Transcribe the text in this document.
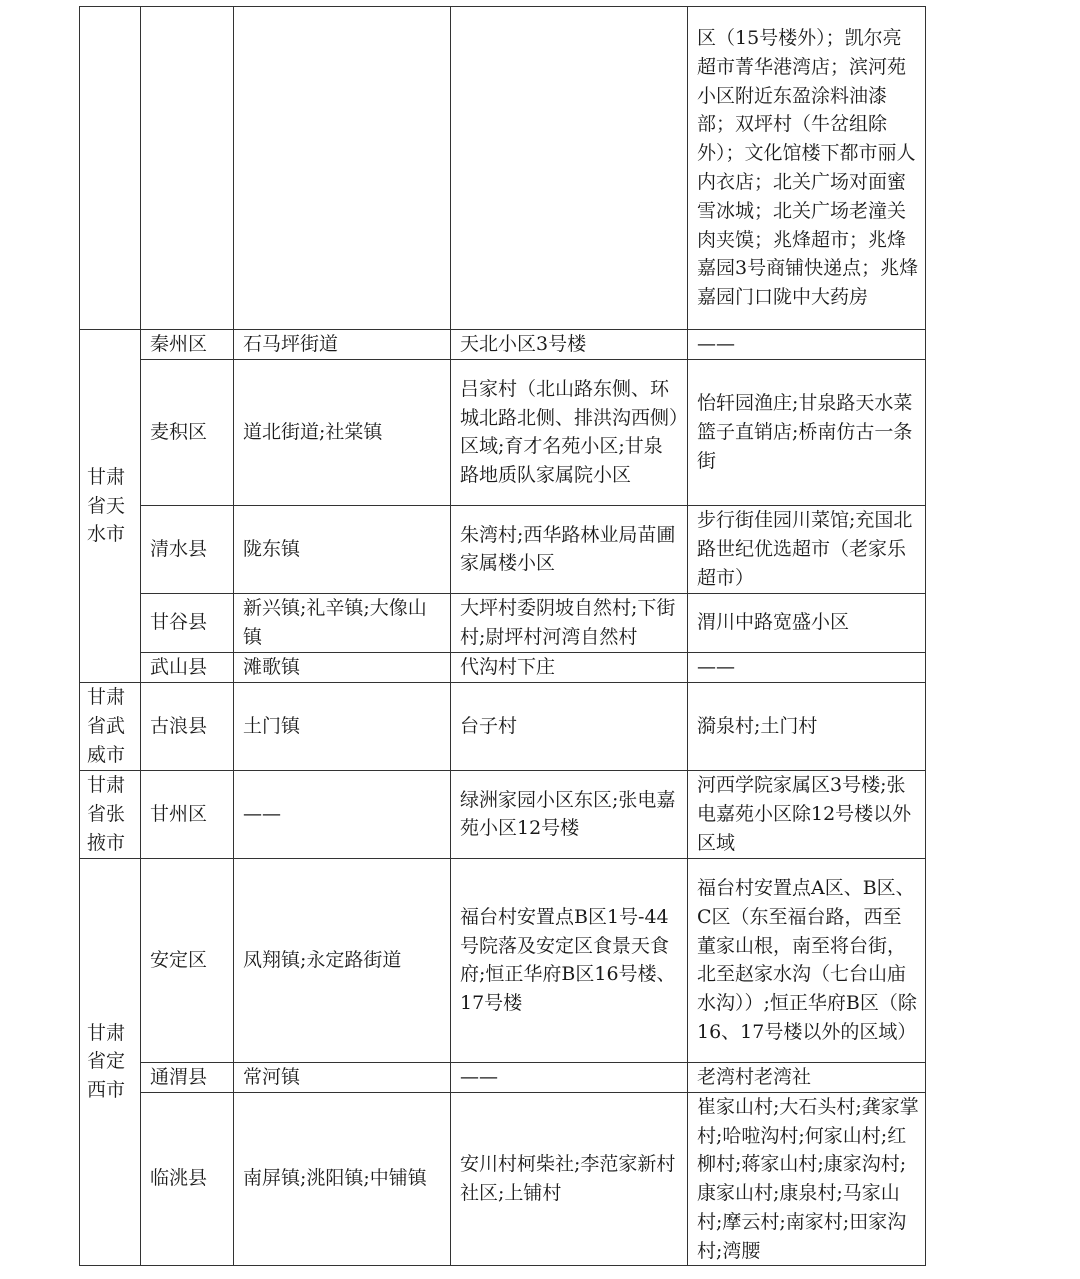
				区（15号楼外）；凯尔亮超市菁华港湾店；滨河苑小区附近东盈涂料油漆部；双坪村（牛岔组除外）；文化馆楼下都市丽人内衣店；北关广场对面蜜雪冰城；北关广场老潼关肉夹馍；兆烽超市；兆烽嘉园3号商铺快递点；兆烽嘉园门口陇中大药房
甘肃省天水市	秦州区	石马坪街道	天北小区3号楼	——
	麦积区	道北街道;社棠镇	吕家村（北山路东侧、环城北路北侧、排洪沟西侧）区域;育才名苑小区;甘泉路地质队家属院小区	怡轩园渔庄;甘泉路天水菜篮子直销店;桥南仿古一条街
	清水县	陇东镇	朱湾村;西华路林业局苗圃家属楼小区	步行街佳园川菜馆;充国北路世纪优选超市（老家乐超市）
	甘谷县	新兴镇;礼辛镇;大像山镇	大坪村委阴坡自然村;下街村;尉坪村河湾自然村	渭川中路宽盛小区
	武山县	滩歌镇	代沟村下庄	——
甘肃省武威市	古浪县	土门镇	台子村	漪泉村;土门村
甘肃省张掖市	甘州区	——	绿洲家园小区东区;张电嘉苑小区12号楼	河西学院家属区3号楼;张电嘉苑小区除12号楼以外区域
甘肃省定西市	安定区	凤翔镇;永定路街道	福台村安置点B区1号-44号院落及安定区食景天食府;恒正华府B区16号楼、17号楼	福台村安置点A区、B区、C区（东至福台路，西至董家山根，南至将台街，北至赵家水沟（七台山庙水沟））;恒正华府B区（除16、17号楼以外的区域）
	通渭县	常河镇	——	老湾村老湾社
	临洮县	南屏镇;洮阳镇;中铺镇	安川村柯柴社;李范家新村社区;上铺村	崔家山村;大石头村;龚家掌村;哈啦沟村;何家山村;红柳村;蒋家山村;康家沟村;康家山村;康泉村;马家山村;摩云村;南家村;田家沟村;湾腰
